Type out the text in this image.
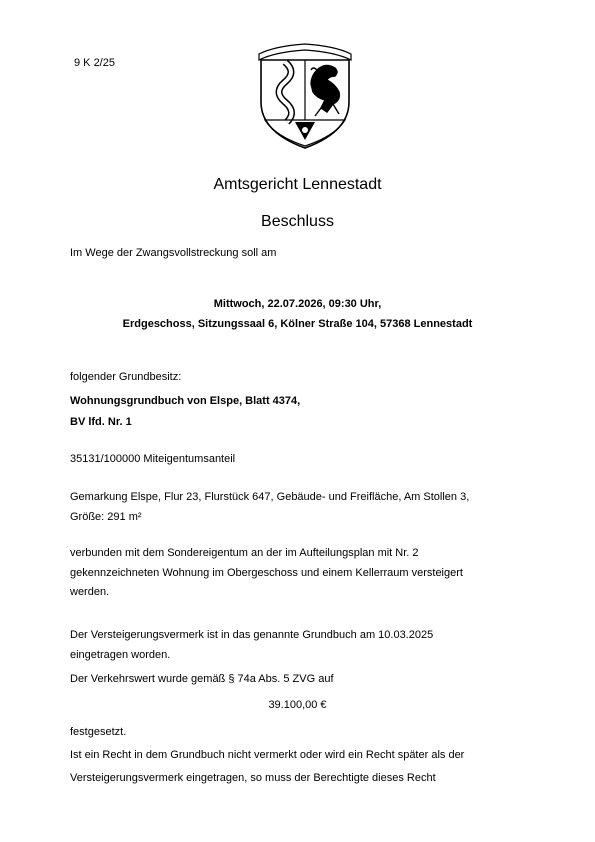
9 K 2/25
Amtsgericht Lennestadt
Beschluss
Im Wege der Zwangsvollstreckung soll am
Mittwoch, 22.07.2026, 09:30 Uhr,
Erdgeschoss, Sitzungssaal 6, Kölner Straße 104, 57368 Lennestadt
folgender Grundbesitz:
Wohnungsgrundbuch von Elspe, Blatt 4374,
BV lfd. Nr. 1
35131/100000 Miteigentumsanteil
Gemarkung Elspe, Flur 23, Flurstück 647, Gebäude- und Freifläche, Am Stollen 3,
Größe: 291 m²
verbunden mit dem Sondereigentum an der im Aufteilungsplan mit Nr. 2
gekennzeichneten Wohnung im Obergeschoss und einem Kellerraum versteigert
werden.
Der Versteigerungsvermerk ist in das genannte Grundbuch am 10.03.2025
eingetragen worden.
Der Verkehrswert wurde gemäß § 74a Abs. 5 ZVG auf
39.100,00 €
festgesetzt.
Ist ein Recht in dem Grundbuch nicht vermerkt oder wird ein Recht später als der
Versteigerungsvermerk eingetragen, so muss der Berechtigte dieses Recht
